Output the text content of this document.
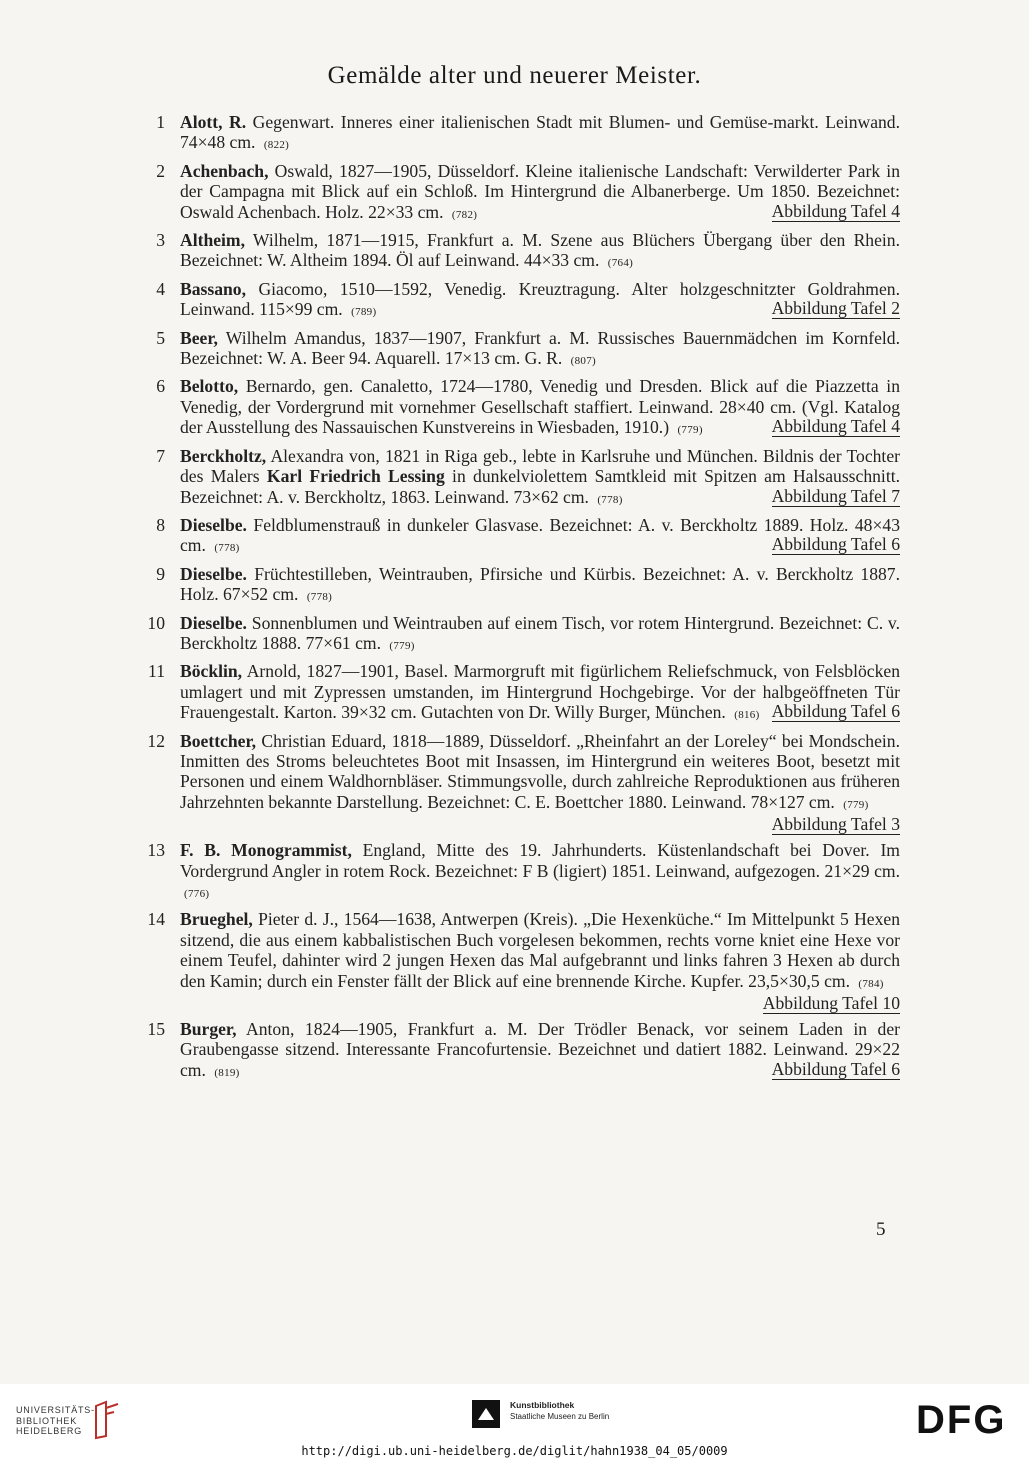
Gemälde alter und neuerer Meister.
1 Alott, R. Gegenwart. Inneres einer italienischen Stadt mit Blumen- und Gemüse-markt. Leinwand. 74×48 cm. (822)
2 Achenbach, Oswald, 1827—1905, Düsseldorf. Kleine italienische Landschaft: Verwilderter Park in der Campagna mit Blick auf ein Schloß. Im Hintergrund die Albanerberge. Um 1850. Bezeichnet: Oswald Achenbach. Holz. 22×33 cm. (782)	Abbildung Tafel 4
3 Altheim, Wilhelm, 1871—1915, Frankfurt a. M. Szene aus Blüchers Übergang über den Rhein. Bezeichnet: W. Altheim 1894. Öl auf Leinwand. 44×33 cm. (764)
4 Bassano, Giacomo, 1510—1592, Venedig. Kreuztragung. Alter holzgeschnitzter Goldrahmen. Leinwand. 115×99 cm. (789)	Abbildung Tafel 2
5 Beer, Wilhelm Amandus, 1837—1907, Frankfurt a. M. Russisches Bauernmädchen im Kornfeld. Bezeichnet: W. A. Beer 94. Aquarell. 17×13 cm. G. R. (807)
6 Belotto, Bernardo, gen. Canaletto, 1724—1780, Venedig und Dresden. Blick auf die Piazzetta in Venedig, der Vordergrund mit vornehmer Gesellschaft staffiert. Leinwand. 28×40 cm. (Vgl. Katalog der Ausstellung des Nassauischen Kunstvereins in Wiesbaden, 1910.) (779)	Abbildung Tafel 4
7 Berckholtz, Alexandra von, 1821 in Riga geb., lebte in Karlsruhe und München. Bildnis der Tochter des Malers Karl Friedrich Lessing in dunkelviolettem Samtkleid mit Spitzen am Halsausschnitt. Bezeichnet: A. v. Berckholtz, 1863. Leinwand. 73×62 cm. (778)	Abbildung Tafel 7
8 Dieselbe. Feldblumenstrauß in dunkeler Glasvase. Bezeichnet: A. v. Berckholtz 1889. Holz. 48×43 cm. (778)	Abbildung Tafel 6
9 Dieselbe. Früchtestilleben, Weintrauben, Pfirsiche und Kürbis. Bezeichnet: A. v. Berckholtz 1887. Holz. 67×52 cm. (778)
10 Dieselbe. Sonnenblumen und Weintrauben auf einem Tisch, vor rotem Hintergrund. Bezeichnet: C. v. Berckholtz 1888. 77×61 cm. (779)
11 Böcklin, Arnold, 1827—1901, Basel. Marmorgruft mit figürlichem Reliefschmuck, von Felsblöcken umlagert und mit Zypressen umstanden, im Hintergrund Hochgebirge. Vor der halbgeöffneten Tür Frauengestalt. Karton. 39×32 cm. Gutachten von Dr. Willy Burger, München. (816) Abbildung Tafel 6
12 Boettcher, Christian Eduard, 1818—1889, Düsseldorf. „Rheinfahrt an der Loreley“ bei Mondschein. Inmitten des Stroms beleuchtetes Boot mit Insassen, im Hintergrund ein weiteres Boot, besetzt mit Personen und einem Waldhornbläser. Stimmungsvolle, durch zahlreiche Reproduktionen aus früheren Jahrzehnten bekannte Darstellung. Bezeichnet: C. E. Boettcher 1880. Leinwand. 78×127 cm. (779)
Abbildung Tafel 3
13 F. B. Monogrammist, England, Mitte des 19. Jahrhunderts. Küstenlandschaft bei Dover. Im Vordergrund Angler in rotem Rock. Bezeichnet: F B (ligiert) 1851. Leinwand, aufgezogen. 21×29 cm. (776)
14 Brueghel, Pieter d. J., 1564—1638, Antwerpen (Kreis). „Die Hexenküche.“ Im Mittelpunkt 5 Hexen sitzend, die aus einem kabbalistischen Buch vorgelesen bekommen, rechts vorne kniet eine Hexe vor einem Teufel, dahinter wird 2 jungen Hexen das Mal aufgebrannt und links fahren 3 Hexen ab durch den Kamin; durch ein Fenster fällt der Blick auf eine brennende Kirche. Kupfer. 23,5×30,5 cm. (784)
Abbildung Tafel 10
15 Burger, Anton, 1824—1905, Frankfurt a. M. Der Trödler Benack, vor seinem Laden in der Graubengasse sitzend. Interessante Francofurtensie. Bezeichnet und datiert 1882. Leinwand. 29×22 cm. (819)	Abbildung Tafel 6
5
UNIVERSITÄTS-
BIBLIOTHEK
HEIDELBERG
Kunstbibliothek
Staatliche Museen zu Berlin	DFG
http://digi.ub.uni-heidelberg.de/diglit/hahn1938_04_05/0009
